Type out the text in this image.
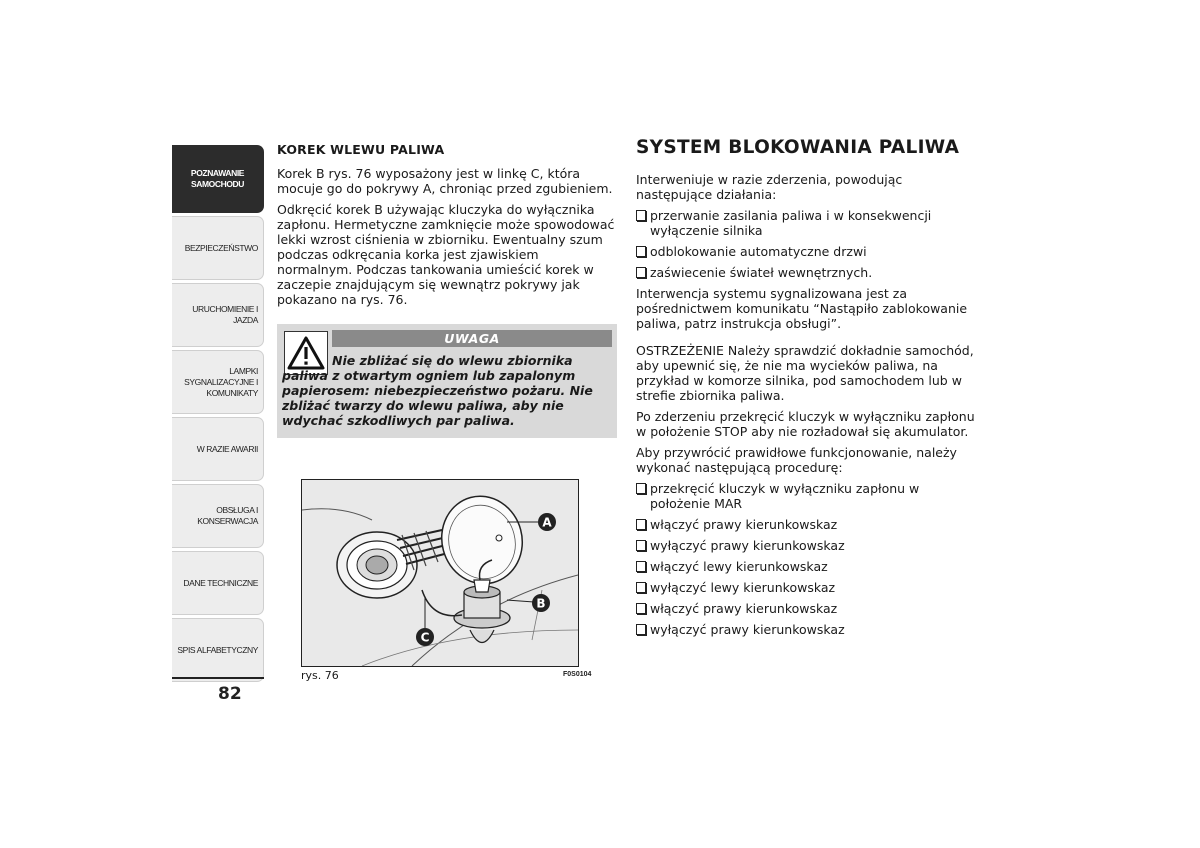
POZNAWANIE
SAMOCHODU
BEZPIECZEŃSTWO
URUCHOMIENIE I
JAZDA
LAMPKI
SYGNALIZACYJNE I
KOMUNIKATY
W RAZIE AWARII
OBSŁUGA I
KONSERWACJA
DANE TECHNICZNE
SPIS ALFABETYCZNY
82
KOREK WLEWU PALIWA

Korek B rys. 76 wyposażony jest w linkę C, która mocuje go do pokrywy A, chroniąc przed zgubieniem.

Odkręcić korek B używając kluczyka do wyłącznika zapłonu. Hermetyczne zamknięcie może spowodować lekki wzrost ciśnienia w zbiorniku. Ewentualny szum podczas odkręcania korka jest zjawiskiem normalnym. Podczas tankowania umieścić korek w zaczepie znajdującym się wewnątrz pokrywy jak pokazano na rys. 76.

UWAGA
Nie zbliżać się do wlewu zbiornika paliwa z otwartym ogniem lub zapalonym papierosem: niebezpieczeństwo pożaru. Nie zbliżać twarzy do wlewu paliwa, aby nie wdychać szkodliwych par paliwa.
A
B
C
rys. 76	F0S0104
SYSTEM BLOKOWANIA PALIWA

Interweniuje w razie zderzenia, powodując następujące działania:

przerwanie zasilania paliwa i w konsekwencji wyłączenie silnika
odblokowanie automatyczne drzwi
zaświecenie świateł wewnętrznych.

Interwencja systemu sygnalizowana jest za pośrednictwem komunikatu “Nastąpiło zablokowanie paliwa, patrz instrukcja obsługi”.

OSTRZEŻENIE Należy sprawdzić dokładnie samochód, aby upewnić się, że nie ma wycieków paliwa, na przykład w komorze silnika, pod samochodem lub w strefie zbiornika paliwa.

Po zderzeniu przekręcić kluczyk w wyłączniku zapłonu w położenie STOP aby nie rozładował się akumulator.

Aby przywrócić prawidłowe funkcjonowanie, należy wykonać następującą procedurę:

przekręcić kluczyk w wyłączniku zapłonu w położenie MAR
włączyć prawy kierunkowskaz
wyłączyć prawy kierunkowskaz
włączyć lewy kierunkowskaz
wyłączyć lewy kierunkowskaz
włączyć prawy kierunkowskaz
wyłączyć prawy kierunkowskaz
